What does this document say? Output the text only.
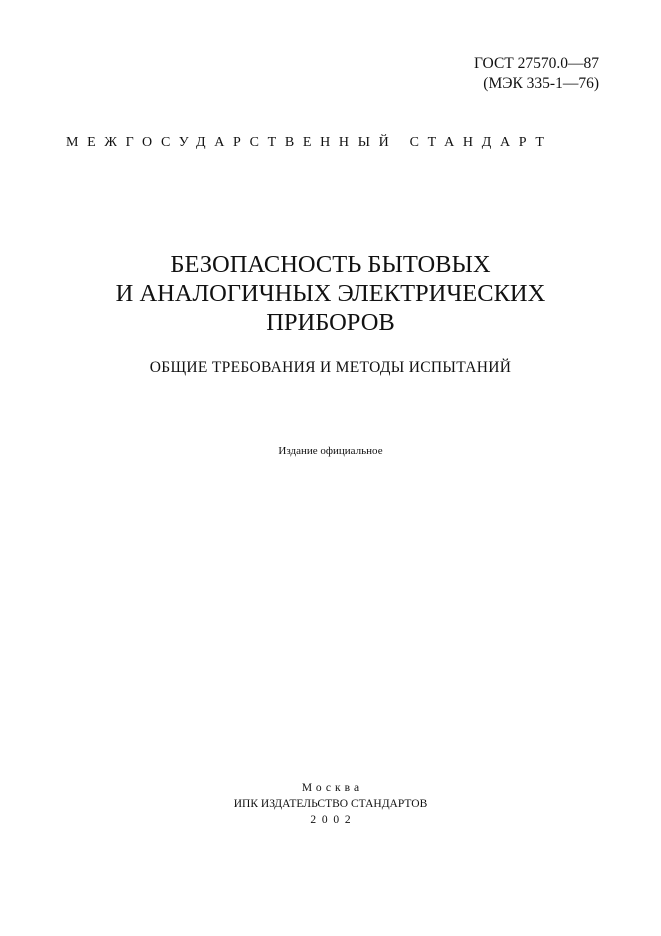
ГОСТ 27570.0—87
(МЭК 335-1—76)
МЕЖГОСУДАРСТВЕННЫЙ СТАНДАРТ
БЕЗОПАСНОСТЬ БЫТОВЫХ
И АНАЛОГИЧНЫХ ЭЛЕКТРИЧЕСКИХ
ПРИБОРОВ
ОБЩИЕ ТРЕБОВАНИЯ И МЕТОДЫ ИСПЫТАНИЙ
Издание официальное
Москва
ИПК ИЗДАТЕЛЬСТВО СТАНДАРТОВ
2002
